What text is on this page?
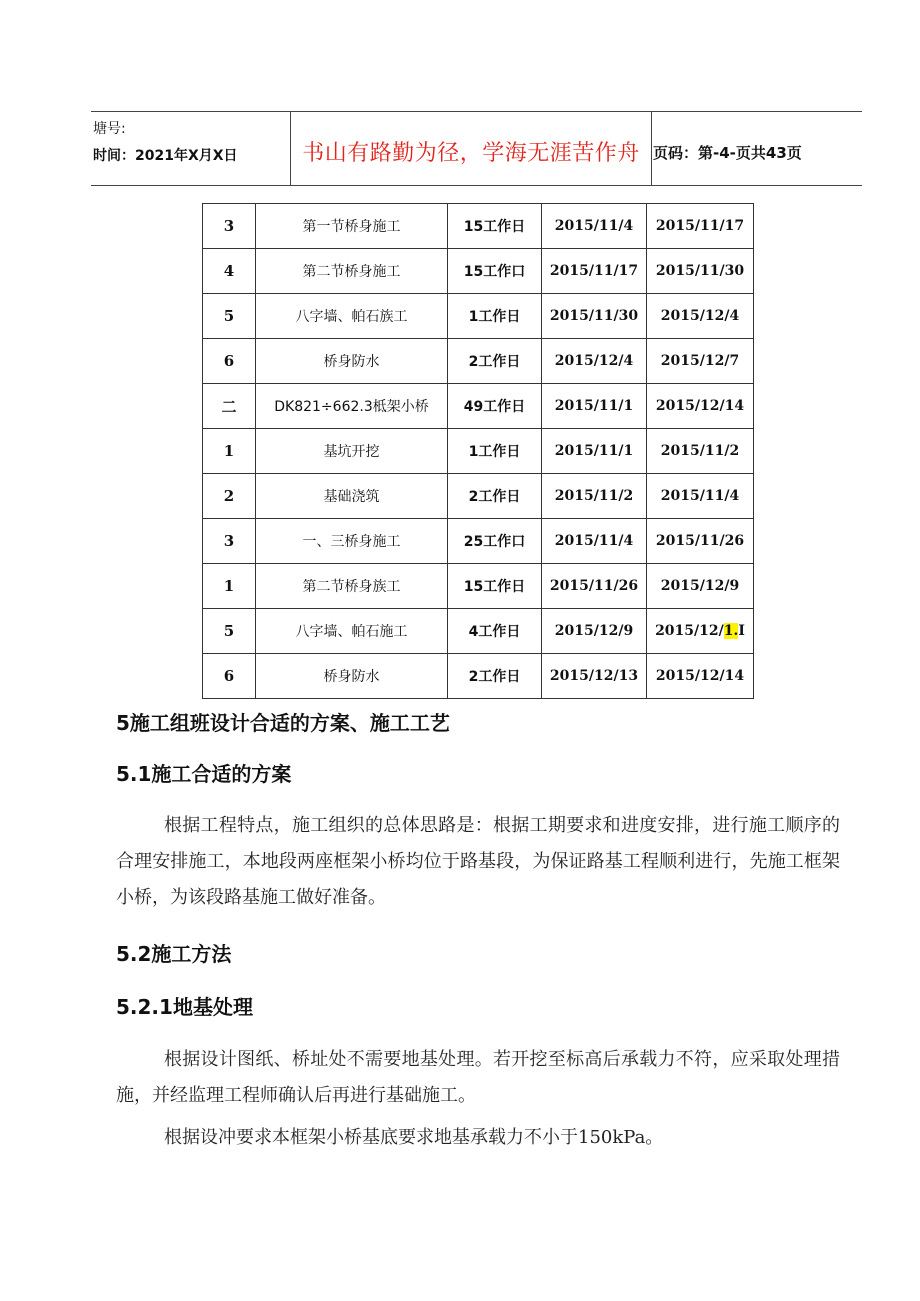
塘号:
时间：2021年X月X日	书山有路勤为径，学海无涯苦作舟 页码：第-4-页共43页
3	第一节桥身施工	15工作日	2015/11/4	2015/11/17
4	第二节桥身施工	15工作口	2015/11/17	2015/11/30
5	八字墙、帕石族工	1工作日	2015/11/30	2015/12/4
6	桥身防水	2工作日	2015/12/4	2015/12/7
二	DK821÷662.3柢架小桥	49工作日	2015/11/1	2015/12/14
1	基坑开挖	1工作日	2015/11/1	2015/11/2
2	基础浇筑	2工作日	2015/11/2	2015/11/4
3	一、三桥身施工	25工作口	2015/11/4	2015/11/26
1	第二节桥身族工	15工作日	2015/11/26	2015/12/9
5	八字墙、帕石施工	4工作日	2015/12/9	2015/12/1.I
6	桥身防水	2工作日	2015/12/13	2015/12/14
5施工组班设计合适的方案、施工工艺
5.1施工合适的方案
根据工程特点，施工组织的总体思路是：根据工期要求和进度安排，进行施工顺序的合理安排施工，本地段两座框架小桥均位于路基段，为保证路基工程顺利进行，先施工框架小桥，为该段路基施工做好准备。
5.2施工方法
5.2.1地基处理
根据设计图纸、桥址处不需要地基处理。若开挖至标高后承载力不符，应采取处理措施，并经监理工程师确认后再进行基础施工。
根据设冲要求本框架小桥基底要求地基承载力不小于150kPa。
